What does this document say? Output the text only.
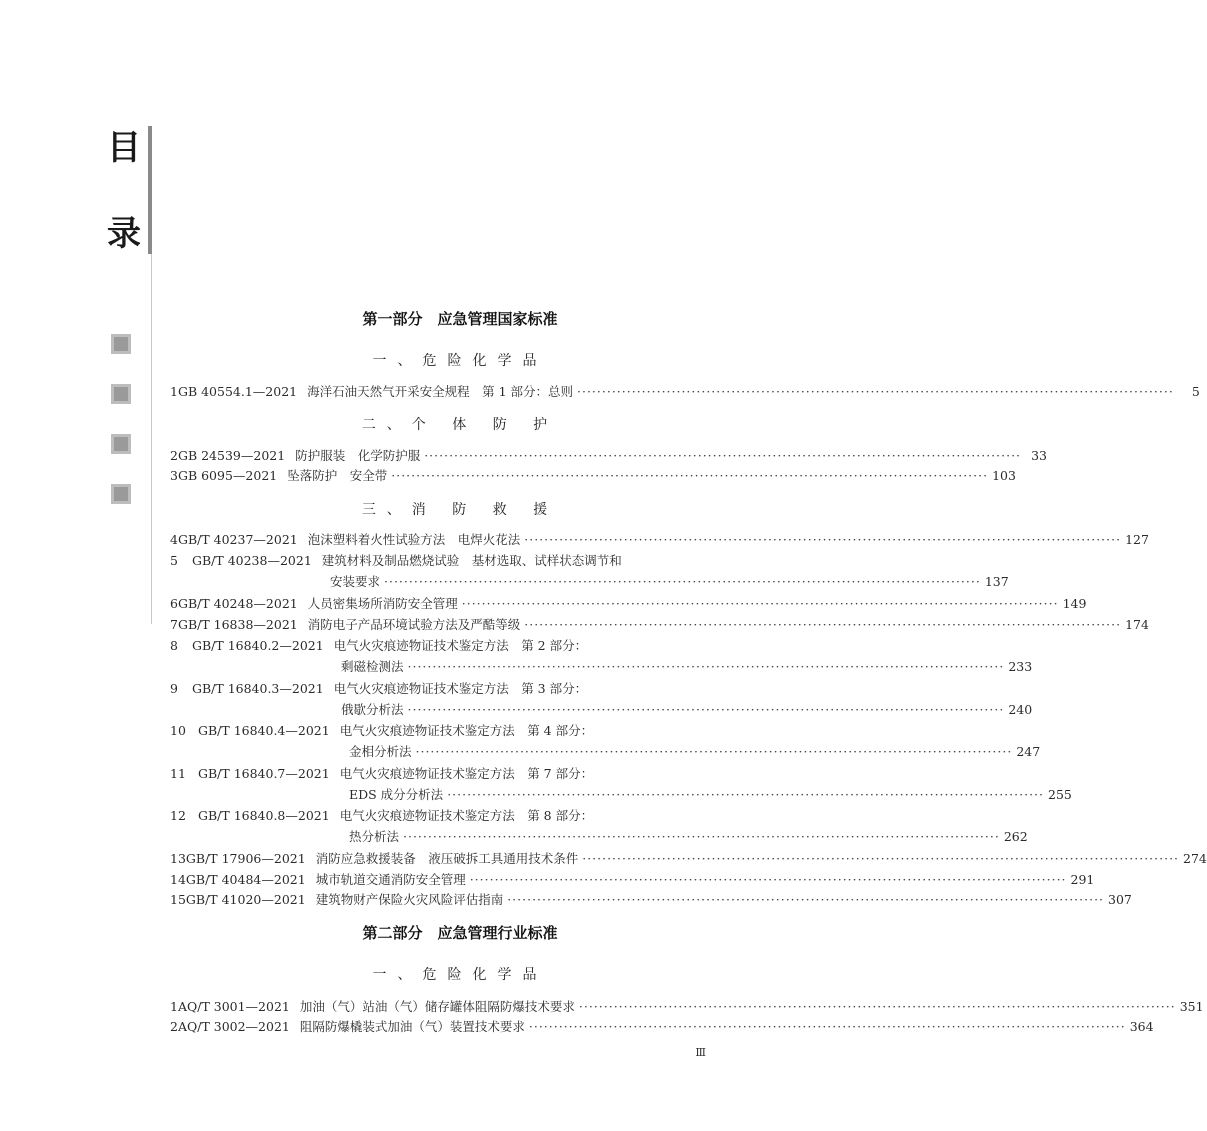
目
录
第一部分　应急管理国家标准
一、危险化学品
二、个 体 防 护
三、消 防 救 援
第二部分　应急管理行业标准
一、危险化学品
1 GB 40554.1—2021 海洋石油天然气开采安全规程　第 1 部分：总则 ························································································································	5
2 GB 24539—2021 防护服装　化学防护服 ························································································································ 33
3 GB 6095—2021 坠落防护　安全带 ························································································································ 103
4 GB/T 40237—2021 泡沫塑料着火性试验方法　电焊火花法 ························································································································ 127
5	GB/T 40238—2021 建筑材料及制品燃烧试验　基材选取、试样状态调节和
安装要求 ························································································································ 137
6 GB/T 40248—2021 人员密集场所消防安全管理 ························································································································ 149
7 GB/T 16838—2021 消防电子产品环境试验方法及严酷等级 ························································································································ 174
8	GB/T 16840.2—2021 电气火灾痕迹物证技术鉴定方法　第 2 部分：
剩磁检测法 ························································································································ 233
9	GB/T 16840.3—2021 电气火灾痕迹物证技术鉴定方法　第 3 部分：
俄歇分析法 ························································································································ 240
10 GB/T 16840.4—2021 电气火灾痕迹物证技术鉴定方法　第 4 部分：
金相分析法 ························································································································ 247
11 GB/T 16840.7—2021 电气火灾痕迹物证技术鉴定方法　第 7 部分：
EDS 成分分析法 ························································································································ 255
12 GB/T 16840.8—2021 电气火灾痕迹物证技术鉴定方法　第 8 部分：
热分析法 ························································································································ 262
13 GB/T 17906—2021 消防应急救援装备　液压破拆工具通用技术条件 ························································································································ 274
14 GB/T 40484—2021 城市轨道交通消防安全管理 ························································································································ 291
15 GB/T 41020—2021 建筑物财产保险火灾风险评估指南 ························································································································ 307
1 AQ/T 3001—2021 加油（气）站油（气）储存罐体阻隔防爆技术要求 ························································································································ 351
2 AQ/T 3002—2021 阻隔防爆橇装式加油（气）装置技术要求 ························································································································ 364
Ⅲ
